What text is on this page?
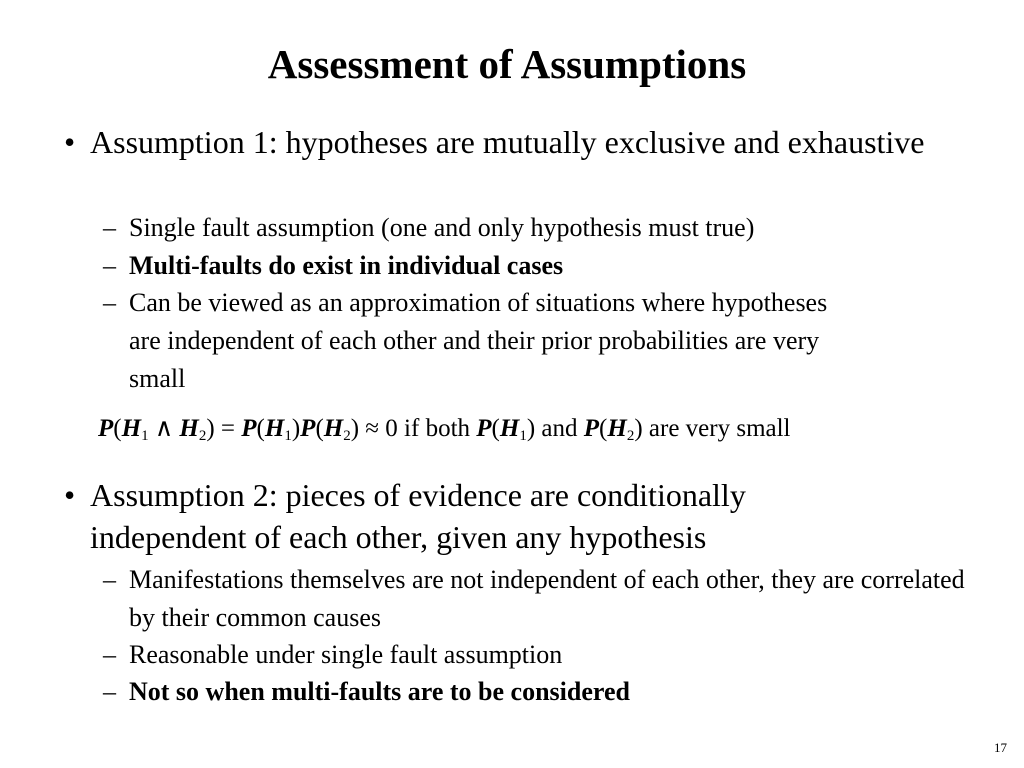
Assessment of Assumptions
• Assumption 1: hypotheses are mutually exclusive and exhaustive
– Single fault assumption (one and only hypothesis must true)
– Multi-faults do exist in individual cases
– Can be viewed as an approximation of situations where hypotheses are independent of each other and their prior probabilities are very small
$P(H_1$ ∧ $H_2) = P(H_1)P(H_2) \approx 0$ if both $P(H_1)$ and $P(H_2)$ are very small
• Assumption 2: pieces of evidence are conditionally independent of each other, given any hypothesis
– Manifestations themselves are not independent of each other, they are correlated by their common causes
– Reasonable under single fault assumption
– Not so when multi-faults are to be considered
17
